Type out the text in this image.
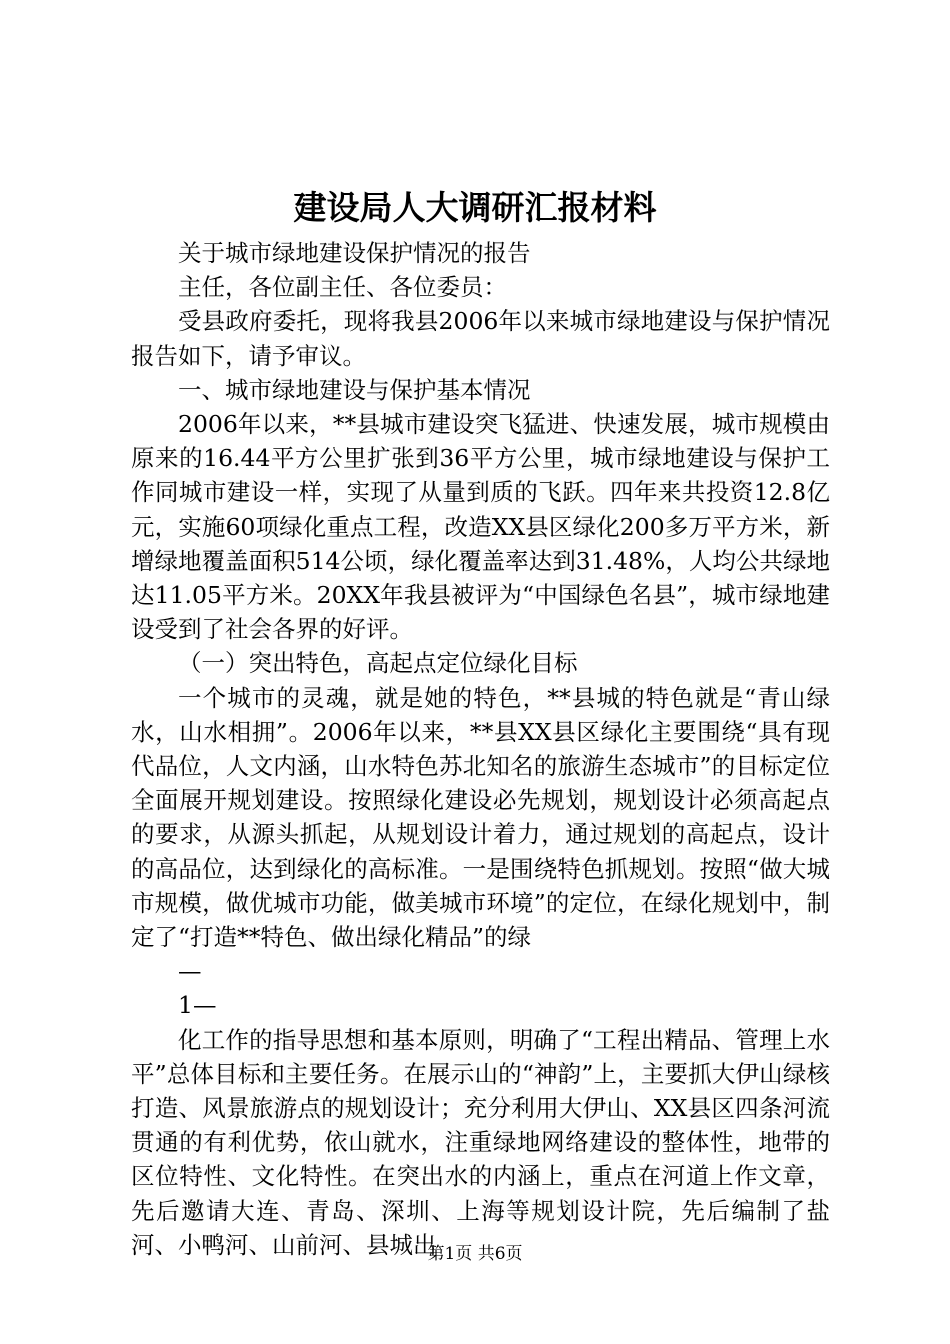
建设局人大调研汇报材料

关于城市绿地建设保护情况的报告

主任，各位副主任、各位委员：

受县政府委托，现将我县2006年以来城市绿地建设与保护情况报告如下，请予审议。

一、城市绿地建设与保护基本情况

2006年以来，**县城市建设突飞猛进、快速发展，城市规模由原来的16.44平方公里扩张到36平方公里，城市绿地建设与保护工作同城市建设一样，实现了从量到质的飞跃。四年来共投资12.8亿元，实施60项绿化重点工程，改造XX县区绿化200多万平方米，新增绿地覆盖面积514公顷，绿化覆盖率达到31.48%，人均公共绿地达11.05平方米。20XX年我县被评为“中国绿色名县”，城市绿地建设受到了社会各界的好评。

（一）突出特色，高起点定位绿化目标

一个城市的灵魂，就是她的特色，**县城的特色就是“青山绿水，山水相拥”。2006年以来，**县XX县区绿化主要围绕“具有现代品位，人文内涵，山水特色苏北知名的旅游生态城市”的目标定位全面展开规划建设。按照绿化建设必先规划，规划设计必须高起点的要求，从源头抓起，从规划设计着力，通过规划的高起点，设计的高品位，达到绿化的高标准。一是围绕特色抓规划。按照“做大城市规模，做优城市功能，做美城市环境”的定位，在绿化规划中，制定了“打造**特色、做出绿化精品”的绿

—
1—

化工作的指导思想和基本原则，明确了“工程出精品、管理上水平”总体目标和主要任务。在展示山的“神韵”上，主要抓大伊山绿核打造、风景旅游点的规划设计；充分利用大伊山、XX县区四条河流贯通的有利优势，依山就水，注重绿地网络建设的整体性，地带的区位特性、文化特性。在突出水的内涵上，重点在河道上作文章，先后邀请大连、青岛、深圳、上海等规划设计院，先后编制了盐河、小鸭河、山前河、县城出

第1页 共6页
